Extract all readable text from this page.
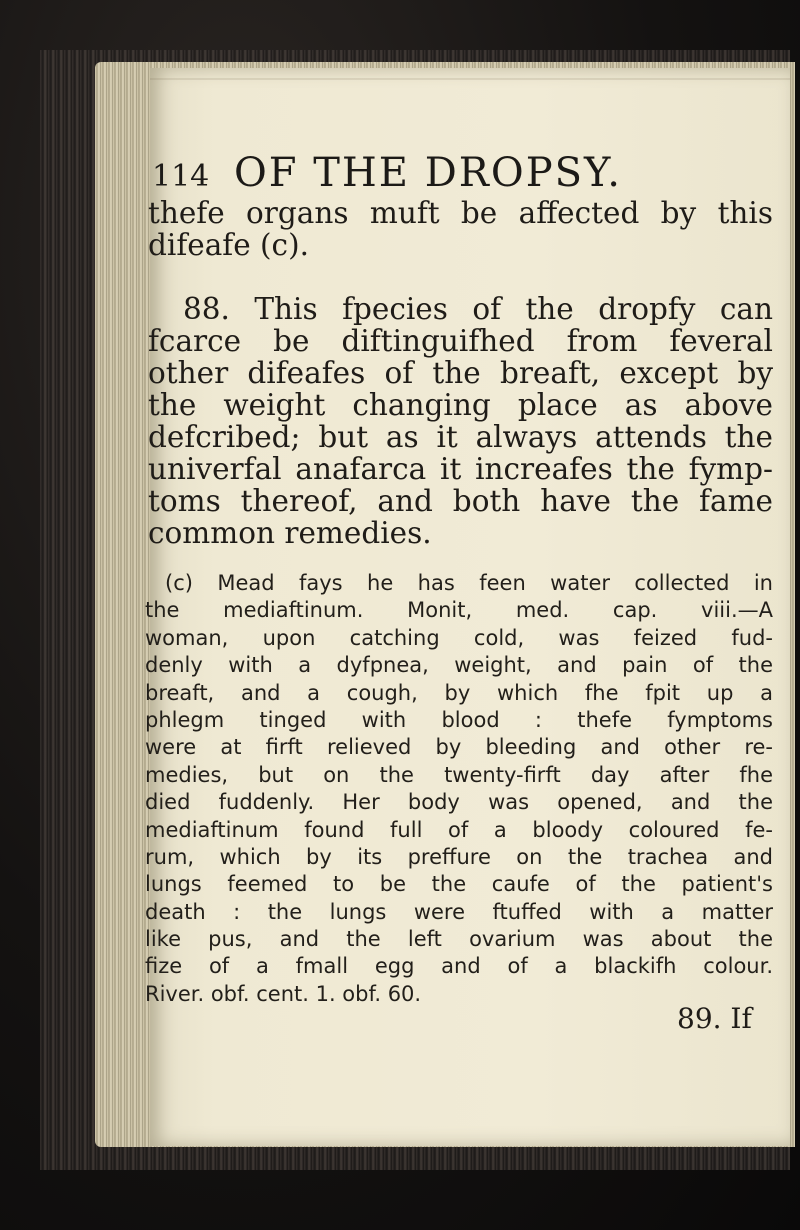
114 OF THE DROPSY.
thefe organs muft be affected by this
difeafe (c).
88. This fpecies of the dropfy can
fcarce be diftinguifhed from feveral
other difeafes of the breaft, except by
the weight changing place as above
defcribed; but as it always attends the
univerfal anafarca it increafes the fymp-
toms thereof, and both have the fame
common remedies.
(c) Mead fays he has feen water collected in
the mediaftinum. Monit, med. cap. viii.—A
woman, upon catching cold, was feized fud-
denly with a dyfpnea, weight, and pain of the
breaft, and a cough, by which fhe fpit up a
phlegm tinged with blood : thefe fymptoms
were at firft relieved by bleeding and other re-
medies, but on the twenty-firft day after fhe
died fuddenly. Her body was opened, and the
mediaftinum found full of a bloody coloured fe-
rum, which by its preffure on the trachea and
lungs feemed to be the caufe of the patient's
death : the lungs were ftuffed with a matter
like pus, and the left ovarium was about the
fize of a fmall egg and of a blackifh colour.
River. obf. cent. 1. obf. 60.
89. If
